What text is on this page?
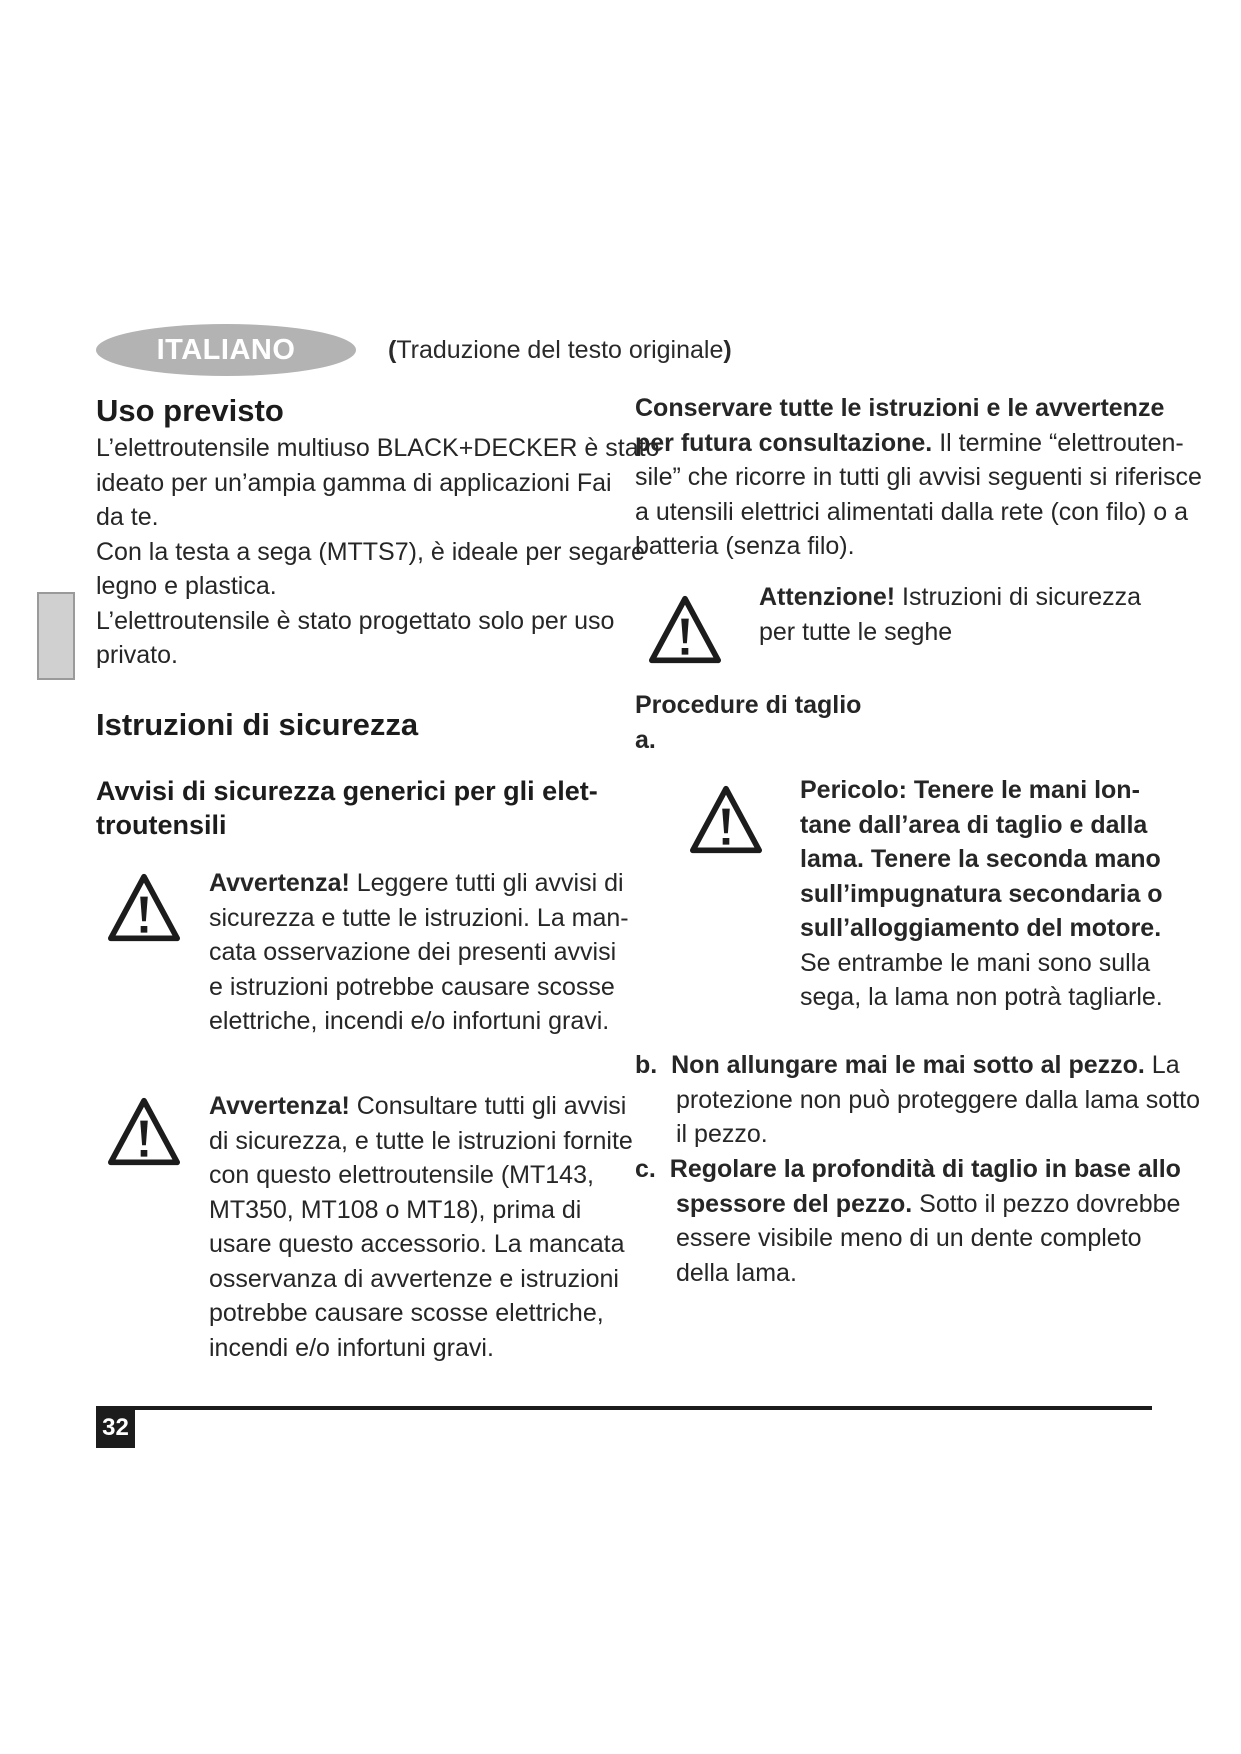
ITALIANO	(Traduzione del testo originale)
Uso previsto

L’elettroutensile multiuso BLACK+DECKER è stato

ideato per un’ampia gamma di applicazioni Fai

da te.

Con la testa a sega (MTTS7), è ideale per segare

legno e plastica.

L’elettroutensile è stato progettato solo per uso

privato.

Istruzioni di sicurezza
Avvisi di sicurezza generici per gli elet-
troutensili

Avvertenza! Leggere tutti gli avvisi di

sicurezza e tutte le istruzioni. La man-

cata osservazione dei presenti avvisi

e istruzioni potrebbe causare scosse

elettriche, incendi e/o infortuni gravi.

Avvertenza! Consultare tutti gli avvisi

di sicurezza, e tutte le istruzioni fornite

con questo elettroutensile (MT143,

MT350, MT108 o MT18), prima di

usare questo accessorio. La mancata

osservanza di avvertenze e istruzioni

potrebbe causare scosse elettriche,

incendi e/o infortuni gravi.

Conservare tutte le istruzioni e le avvertenze

per futura consultazione. Il termine “elettrouten-

sile” che ricorre in tutti gli avvisi seguenti si riferisce

a utensili elettrici alimentati dalla rete (con filo) o a

batteria (senza filo).

Attenzione! Istruzioni di sicurezza

per tutte le seghe

Procedure di taglio

a.

Pericolo: Tenere le mani lon-

tane dall’area di taglio e dalla

lama. Tenere la seconda mano

sull’impugnatura secondaria o

sull’alloggiamento del motore.

Se entrambe le mani sono sulla

sega, la lama non potrà tagliarle.

b. Non allungare mai le mai sotto al pezzo. La

protezione non può proteggere dalla lama sotto

il pezzo.

c. Regolare la profondità di taglio in base allo

spessore del pezzo. Sotto il pezzo dovrebbe

essere visibile meno di un dente completo

della lama.

32
